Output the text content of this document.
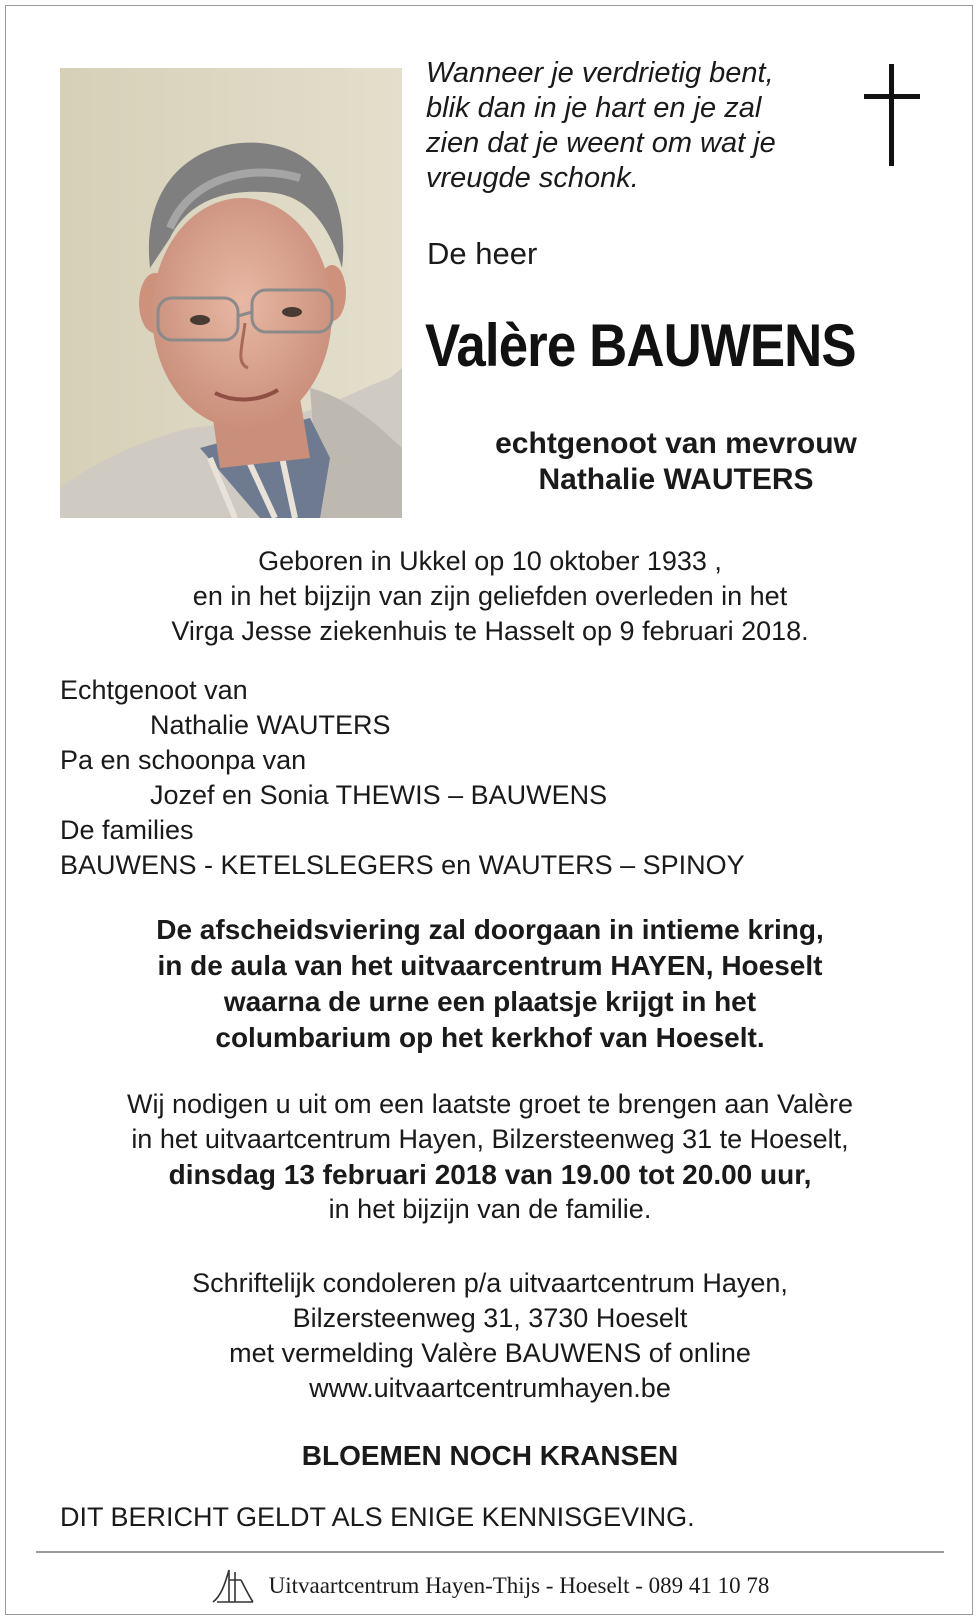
Wanneer je verdrietig bent,
blik dan in je hart en je zal
zien dat je weent om wat je
vreugde schonk.
De heer
Valère BAUWENS
echtgenoot van mevrouw
Nathalie WAUTERS
Geboren in Ukkel op 10 oktober 1933 ,
en in het bijzijn van zijn geliefden overleden in het
Virga Jesse ziekenhuis te Hasselt op 9 februari 2018.
Echtgenoot van
Nathalie WAUTERS
Pa en schoonpa van
Jozef en Sonia THEWIS – BAUWENS
De families
BAUWENS - KETELSLEGERS en WAUTERS – SPINOY
De afscheidsviering zal doorgaan in intieme kring,
in de aula van het uitvaarcentrum HAYEN, Hoeselt
waarna de urne een plaatsje krijgt in het
columbarium op het kerkhof van Hoeselt.
Wij nodigen u uit om een laatste groet te brengen aan Valère
in het uitvaartcentrum Hayen, Bilzersteenweg 31 te Hoeselt,
dinsdag 13 februari 2018 van 19.00 tot 20.00 uur,
in het bijzijn van de familie.
Schriftelijk condoleren p/a uitvaartcentrum Hayen,
Bilzersteenweg 31, 3730 Hoeselt
met vermelding Valère BAUWENS of online
www.uitvaartcentrumhayen.be
BLOEMEN NOCH KRANSEN
DIT BERICHT GELDT ALS ENIGE KENNISGEVING.
Uitvaartcentrum Hayen-Thijs - Hoeselt - 089 41 10 78
